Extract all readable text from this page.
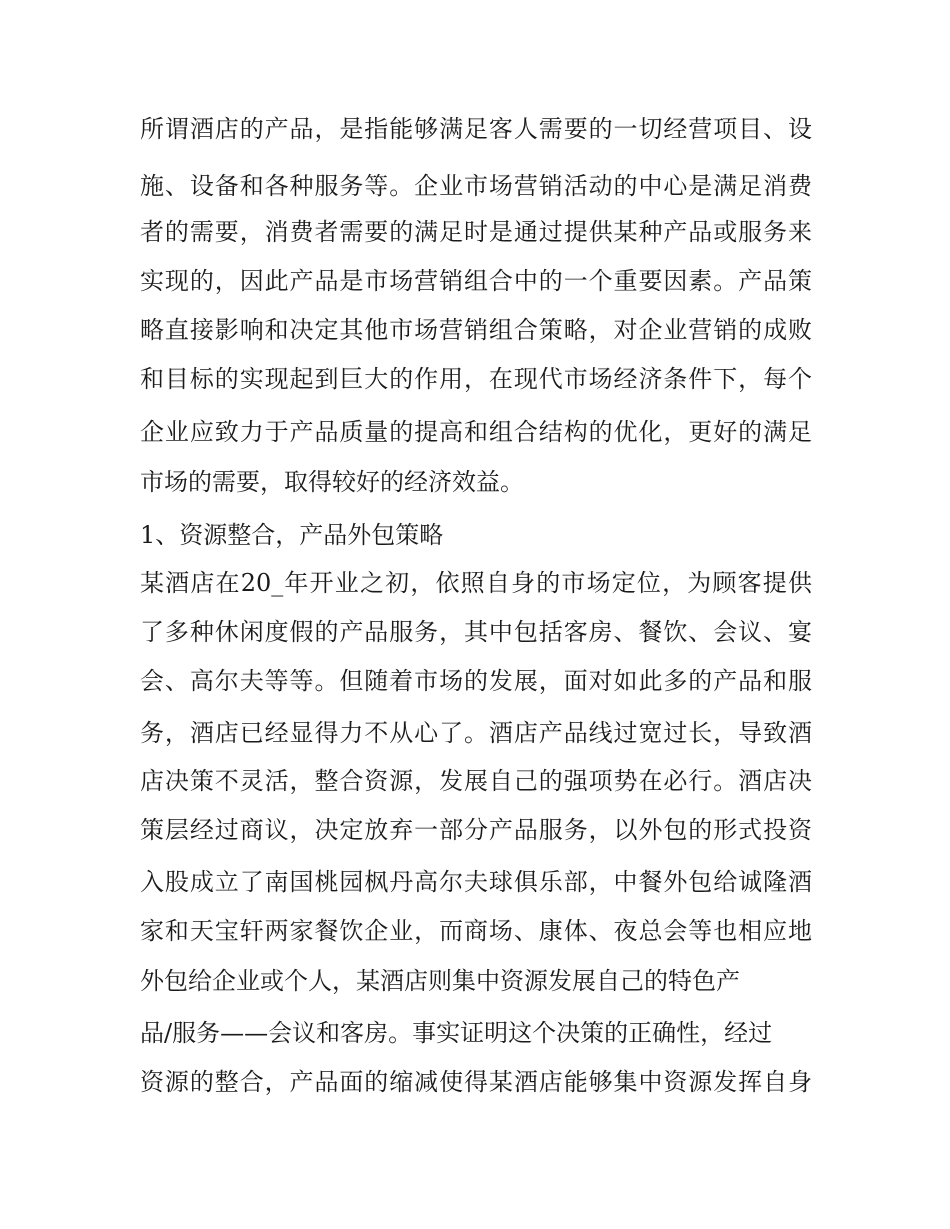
所谓酒店的产品，是指能够满足客人需要的一切经营项目、设
施、设备和各种服务等。企业市场营销活动的中心是满足消费
者的需要，消费者需要的满足时是通过提供某种产品或服务来
实现的，因此产品是市场营销组合中的一个重要因素。产品策
略直接影响和决定其他市场营销组合策略，对企业营销的成败
和目标的实现起到巨大的作用，在现代市场经济条件下，每个
企业应致力于产品质量的提高和组合结构的优化，更好的满足
市场的需要，取得较好的经济效益。
1、资源整合，产品外包策略
某酒店在20_年开业之初，依照自身的市场定位，为顾客提供
了多种休闲度假的产品服务，其中包括客房、餐饮、会议、宴
会、高尔夫等等。但随着市场的发展，面对如此多的产品和服
务，酒店已经显得力不从心了。酒店产品线过宽过长，导致酒
店决策不灵活，整合资源，发展自己的强项势在必行。酒店决
策层经过商议，决定放弃一部分产品服务，以外包的形式投资
入股成立了南国桃园枫丹高尔夫球俱乐部，中餐外包给诚隆酒
家和天宝轩两家餐饮企业，而商场、康体、夜总会等也相应地
外包给企业或个人，某酒店则集中资源发展自己的特色产
品/服务——会议和客房。事实证明这个决策的正确性，经过
资源的整合，产品面的缩减使得某酒店能够集中资源发挥自身
